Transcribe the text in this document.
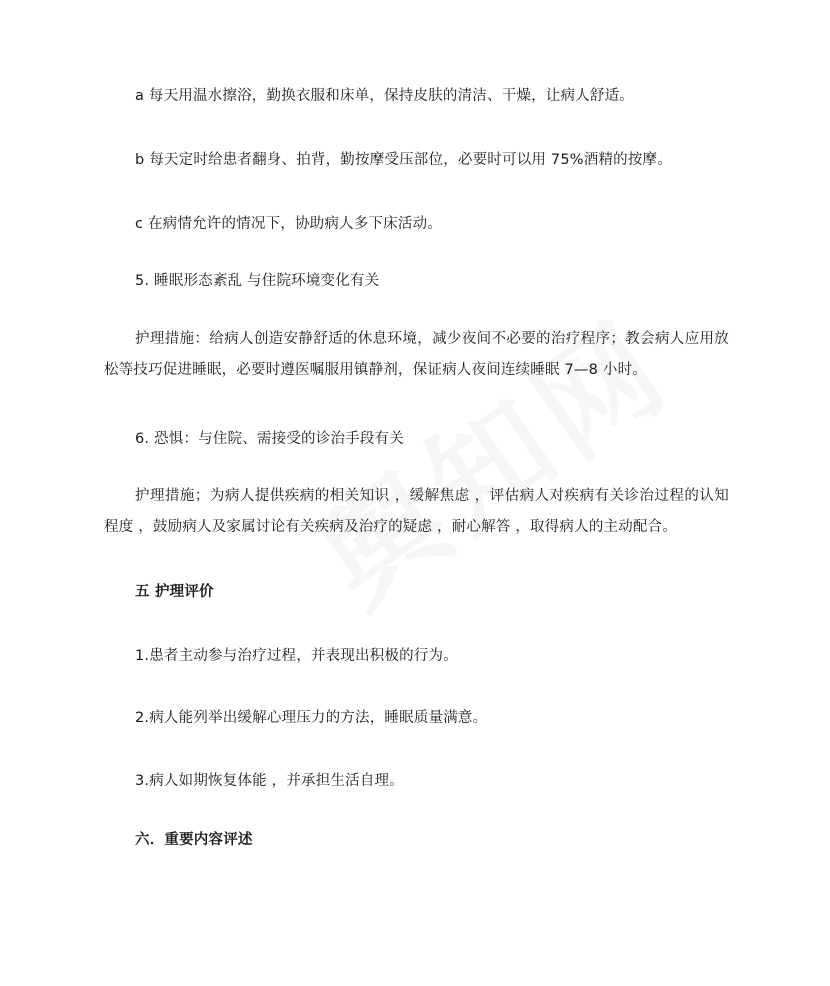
a 每天用温水擦浴，勤换衣服和床单，保持皮肤的清洁、干燥，让病人舒适。
b 每天定时给患者翻身、拍背，勤按摩受压部位，必要时可以用 75%酒精的按摩。
c 在病情允许的情况下，协助病人多下床活动。
5. 睡眠形态紊乱 与住院环境变化有关
护理措施：给病人创造安静舒适的休息环境，减少夜间不必要的治疗程序；教会病人应用放松等技巧促进睡眠，必要时遵医嘱服用镇静剂，保证病人夜间连续睡眠 7—8 小时。
6. 恐惧：与住院、需接受的诊治手段有关
护理措施；为病人提供疾病的相关知识 ，缓解焦虑 ，评估病人对疾病有关诊治过程的认知程度 ，鼓励病人及家属讨论有关疾病及治疗的疑虑 ，耐心解答 ，取得病人的主动配合。
五 护理评价
1.患者主动参与治疗过程，并表现出积极的行为。
2.病人能列举出缓解心理压力的方法，睡眠质量满意。
3.病人如期恢复体能 ，并承担生活自理。
六．重要内容评述
